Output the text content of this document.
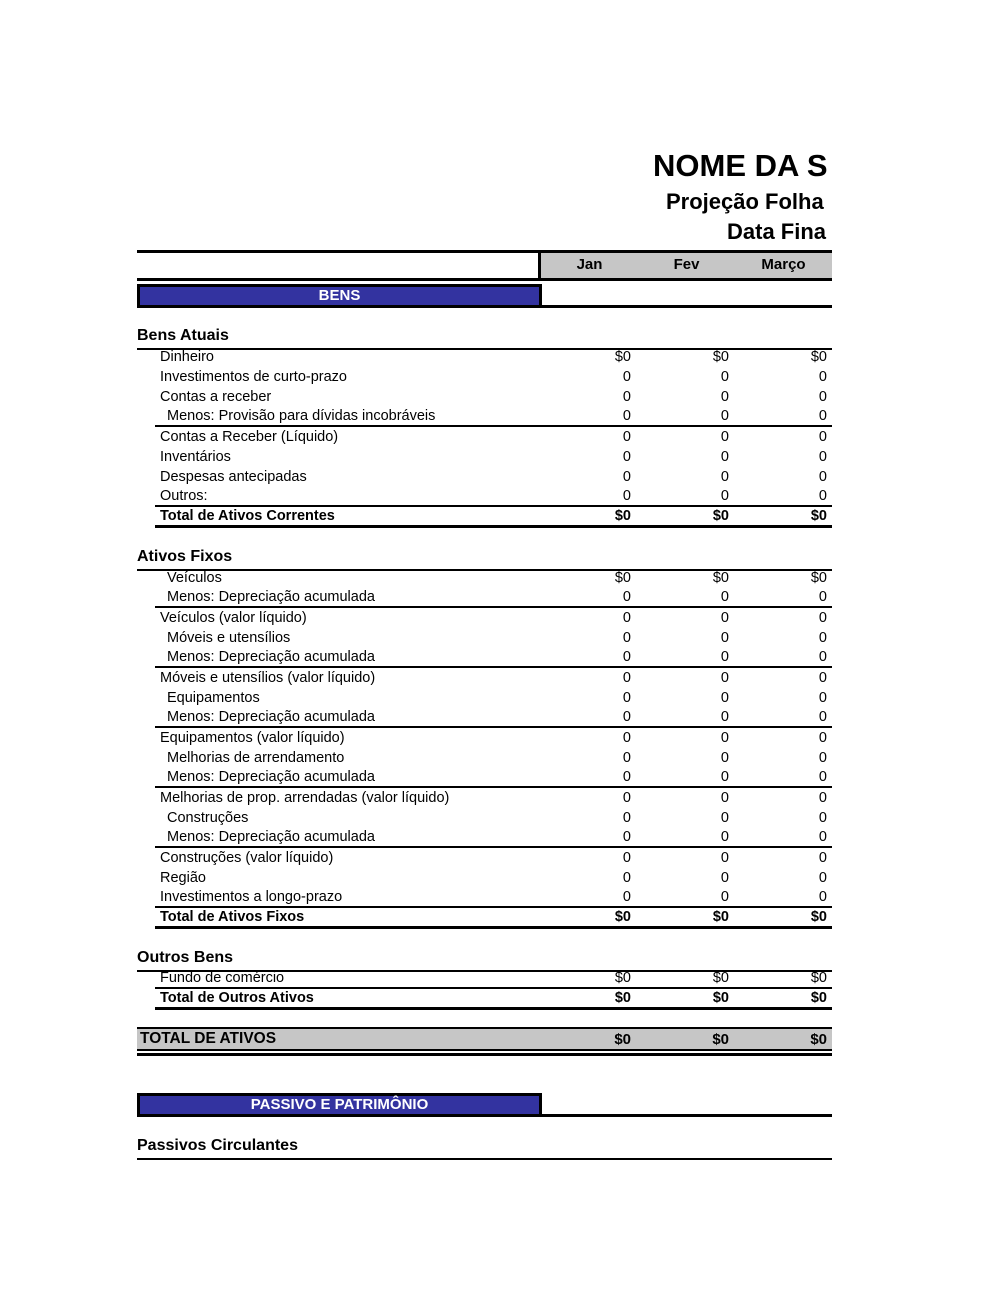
NOME DA S
Projeção Folha
Data Fina
Jan	Fev	Março
BENS
Bens Atuais
Dinheiro	$0	$0	$0
Investimentos de curto-prazo	0	0	0
Contas a receber	0	0	0
Menos: Provisão para dívidas incobráveis	0	0	0
Contas a Receber (Líquido)	0	0	0
Inventários	0	0	0
Despesas antecipadas	0	0	0
Outros:	0	0	0
Total de Ativos Correntes	$0	$0	$0
Ativos Fixos
Veículos	$0	$0	$0
Menos: Depreciação acumulada	0	0	0
Veículos (valor líquido)	0	0	0
Móveis e utensílios	0	0	0
Menos: Depreciação acumulada	0	0	0
Móveis e utensílios (valor líquido)	0	0	0
Equipamentos	0	0	0
Menos: Depreciação acumulada	0	0	0
Equipamentos (valor líquido)	0	0	0
Melhorias de arrendamento	0	0	0
Menos: Depreciação acumulada	0	0	0
Melhorias de prop. arrendadas (valor líquido)	0	0	0
Construções	0	0	0
Menos: Depreciação acumulada	0	0	0
Construções (valor líquido)	0	0	0
Região	0	0	0
Investimentos a longo-prazo	0	0	0
Total de Ativos Fixos	$0	$0	$0
Outros Bens
Fundo de comércio	$0	$0	$0
Total de Outros Ativos	$0	$0	$0
TOTAL DE ATIVOS	$0	$0	$0
PASSIVO E PATRIMÔNIO
Passivos Circulantes
